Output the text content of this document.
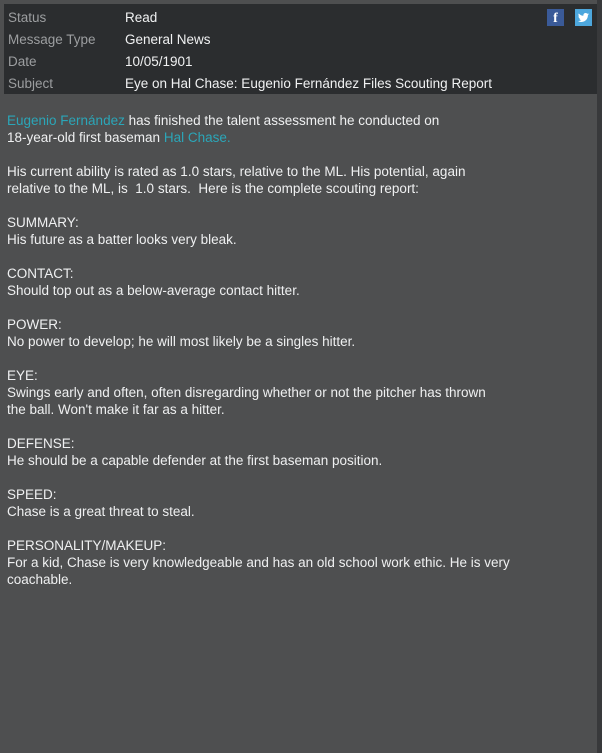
Status	Read
Message Type	General News
Date	10/05/1901
Subject	Eye on Hal Chase: Eugenio Fernández Files Scouting Report
f
Eugenio Fernández has finished the talent assessment he conducted on
18-year-old first baseman Hal Chase.
His current ability is rated as 1.0 stars, relative to the ML. His potential, again
relative to the ML, is  1.0 stars.  Here is the complete scouting report:
SUMMARY:
His future as a batter looks very bleak.
CONTACT:
Should top out as a below-average contact hitter.
POWER:
No power to develop; he will most likely be a singles hitter.
EYE:
Swings early and often, often disregarding whether or not the pitcher has thrown
the ball. Won't make it far as a hitter.
DEFENSE:
He should be a capable defender at the first baseman position.
SPEED:
Chase is a great threat to steal.
PERSONALITY/MAKEUP:
For a kid, Chase is very knowledgeable and has an old school work ethic. He is very
coachable.
